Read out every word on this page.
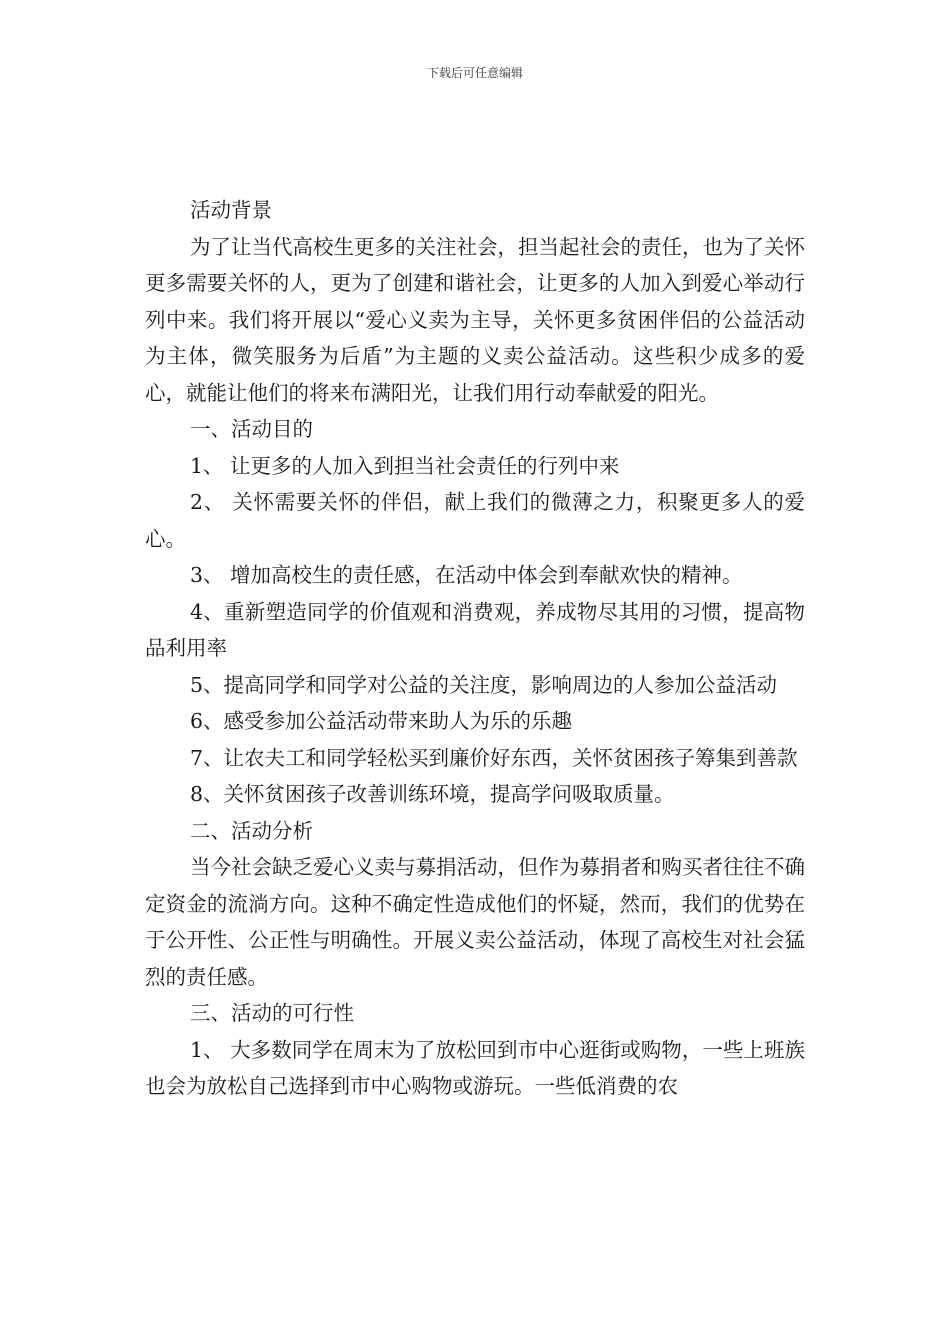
下载后可任意编辑

活动背景

为了让当代高校生更多的关注社会，担当起社会的责任，也为了关怀更多需要关怀的人，更为了创建和谐社会，让更多的人加入到爱心举动行列中来。我们将开展以“爱心义卖为主导，关怀更多贫困伴侣的公益活动为主体，微笑服务为后盾”为主题的义卖公益活动。这些积少成多的爱心，就能让他们的将来布满阳光，让我们用行动奉献爱的阳光。

一、活动目的

1、 让更多的人加入到担当社会责任的行列中来

2、 关怀需要关怀的伴侣，献上我们的微薄之力，积聚更多人的爱心。

3、 增加高校生的责任感，在活动中体会到奉献欢快的精神。

4、重新塑造同学的价值观和消费观，养成物尽其用的习惯，提高物品利用率

5、提高同学和同学对公益的关注度，影响周边的人参加公益活动

6、感受参加公益活动带来助人为乐的乐趣

7、让农夫工和同学轻松买到廉价好东西，关怀贫困孩子筹集到善款

8、关怀贫困孩子改善训练环境，提高学问吸取质量。

二、活动分析

当今社会缺乏爱心义卖与募捐活动，但作为募捐者和购买者往往不确定资金的流淌方向。这种不确定性造成他们的怀疑，然而，我们的优势在于公开性、公正性与明确性。开展义卖公益活动，体现了高校生对社会猛烈的责任感。

三、活动的可行性

1、 大多数同学在周末为了放松回到市中心逛街或购物，一些上班族也会为放松自己选择到市中心购物或游玩。一些低消费的农
